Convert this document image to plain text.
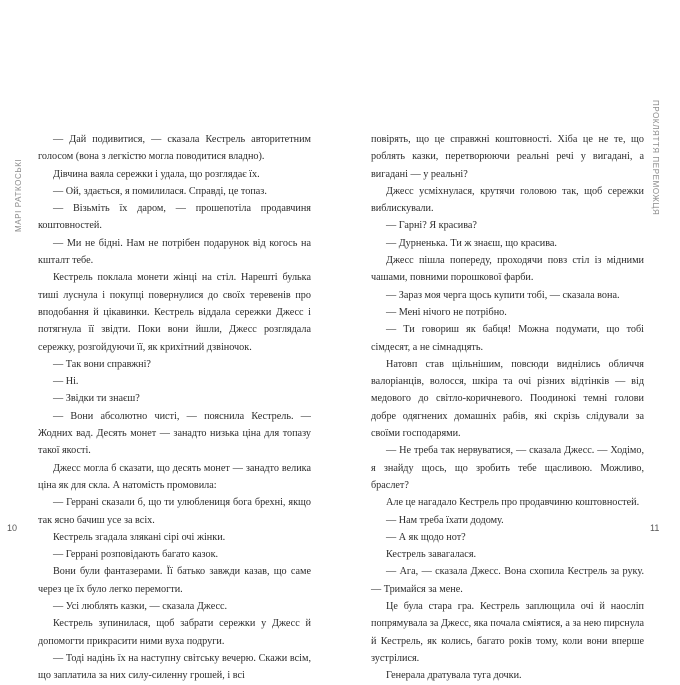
МАРІ РАТКОСЬКІ	ПРОКЛЯТТЯ ПЕРЕМОЖЦЯ

— Дай подивитися, — сказала Кестрель авторитетним голосом (вона з легкістю могла поводитися владно).

Дівчина ваяла сережки і удала, що розглядає їх.

— Ой, здається, я помилилася. Справді, це топаз.

— Візьміть їх даром, — прошепотіла продавчиня коштовностей.

— Ми не бідні. Нам не потрібен подарунок від когось на кшталт тебе.

Кестрель поклала монети жінці на стіл. Нарешті булька тиші луснула і покупці повернулися до своїх теревенів про вподобання й цікавинки. Кестрель віддала сережки Джесс і потягнула її звідти. Поки вони йшли, Джесс розглядала сережку, розгойдуючи її, як крихітний дзвіночок.

— Так вони справжні?

— Ні.

— Звідки ти знаєш?

— Вони абсолютно чисті, — пояснила Кестрель. — Жодних вад. Десять монет — занадто низька ціна для топазу такої якості.

Джесс могла б сказати, що десять монет — занадто велика ціна як для скла. А натомість промовила:

— Геррані сказали б, що ти улюблениця бога брехні, якщо так ясно бачиш усе за всіх.

Кестрель згадала злякані сірі очі жінки.

— Геррані розповідають багато казок.

Вони були фантазерами. Її батько завжди казав, що саме через це їх було легко перемогти.

— Усі люблять казки, — сказала Джесс.

Кестрель зупинилася, щоб забрати сережки у Джесс й допомогти прикрасити ними вуха подруги.

— Тоді надінь їх на наступну світську вечерю. Скажи всім, що заплатила за них силу-силенну грошей, і всі

повірять, що це справжні коштовності. Хіба це не те, що роблять казки, перетворюючи реальні речі у вигадані, а вигадані — у реальні?

Джесс усміхнулася, крутячи головою так, щоб сережки виблискували.

— Гарні? Я красива?

— Дурненька. Ти ж знаєш, що красива.

Джесс пішла попереду, проходячи повз стіл із мідними чашами, повними порошкової фарби.

— Зараз моя черга щось купити тобі, — сказала вона.

— Мені нічого не потрібно.

— Ти говориш як бабця! Можна подумати, що тобі сімдесят, а не сімнадцять.

Натовп став щільнішим, повсюди виднілись обличчя валоріанців, волосся, шкіра та очі різних відтінків — від медового до світло-коричневого. Поодинокі темні голови добре одягнених домашніх рабів, які скрізь слідували за своїми господарями.

— Не треба так нервуватися, — сказала Джесс. — Ходімо, я знайду щось, що зробить тебе щасливою. Можливо, браслет?

Але це нагадало Кестрель про продавчиню коштовностей.

— Нам треба їхати додому.

— А як щодо нот?

Кестрель завагалася.

— Ага, — сказала Джесс. Вона схопила Кестрель за руку. — Тримайся за мене.

Це була стара гра. Кестрель заплющила очі й наосліп попрямувала за Джесс, яка почала сміятися, а за нею пирснула й Кестрель, як колись, багато років тому, коли вони вперше зустрілися.

Генерала дратувала туга дочки.

10	11
